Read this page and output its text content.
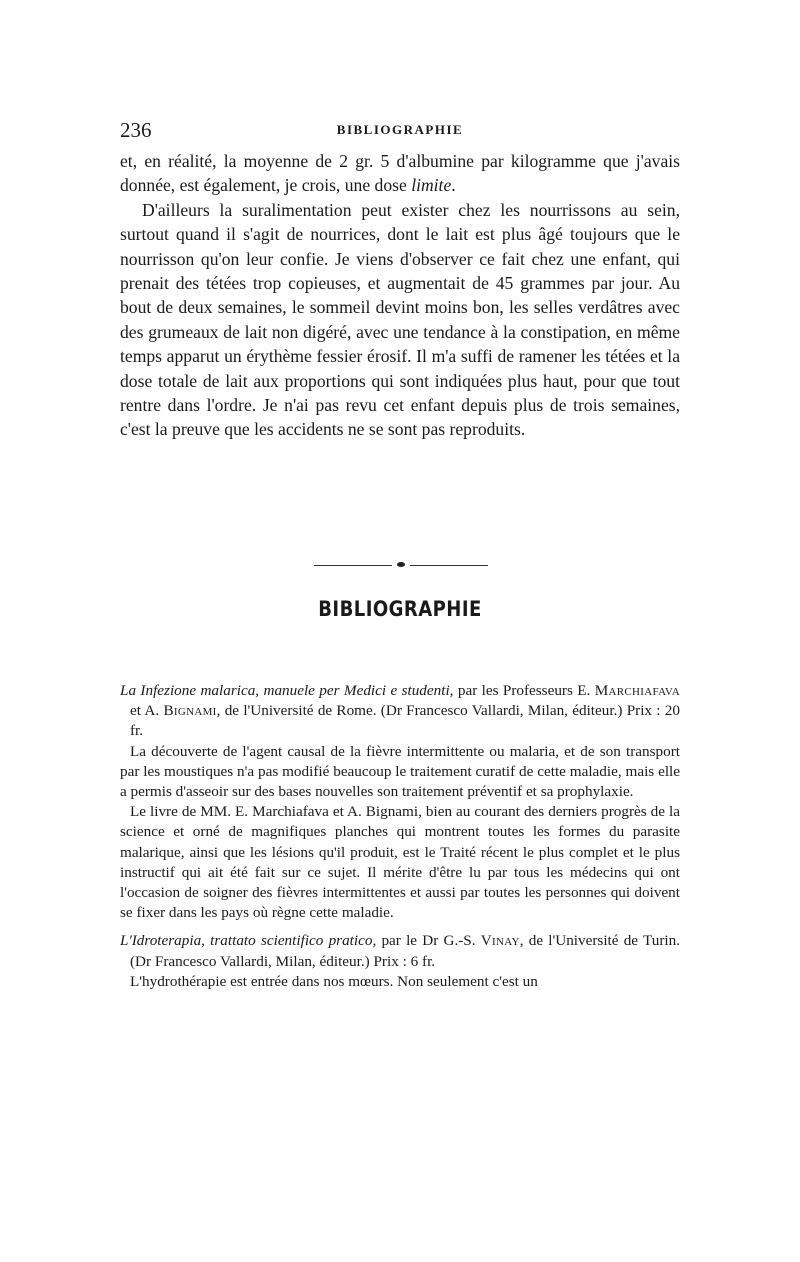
236	BIBLIOGRAPHIE

et, en réalité, la moyenne de 2 gr. 5 d'albumine par kilogramme que j'avais donnée, est également, je crois, une dose limite.

D'ailleurs la suralimentation peut exister chez les nourrissons au sein, surtout quand il s'agit de nourrices, dont le lait est plus âgé toujours que le nourrisson qu'on leur confie. Je viens d'observer ce fait chez une enfant, qui prenait des tétées trop copieuses, et augmentait de 45 grammes par jour. Au bout de deux semaines, le sommeil devint moins bon, les selles verdâtres avec des grumeaux de lait non digéré, avec une tendance à la constipation, en même temps apparut un érythème fessier érosif. Il m'a suffi de ramener les tétées et la dose totale de lait aux proportions qui sont indiquées plus haut, pour que tout rentre dans l'ordre. Je n'ai pas revu cet enfant depuis plus de trois semaines, c'est la preuve que les accidents ne se sont pas reproduits.

BIBLIOGRAPHIE

La Infezione malarica, manuele per Medici e studenti, par les Professeurs E. Marchiafava et A. Bignami, de l'Université de Rome. (Dr Francesco Vallardi, Milan, éditeur.) Prix : 20 fr.

La découverte de l'agent causal de la fièvre intermittente ou malaria, et de son transport par les moustiques n'a pas modifié beaucoup le traitement curatif de cette maladie, mais elle a permis d'asseoir sur des bases nouvelles son traitement préventif et sa prophylaxie.

Le livre de MM. E. Marchiafava et A. Bignami, bien au courant des derniers progrès de la science et orné de magnifiques planches qui montrent toutes les formes du parasite malarique, ainsi que les lésions qu'il produit, est le Traité récent le plus complet et le plus instructif qui ait été fait sur ce sujet. Il mérite d'être lu par tous les médecins qui ont l'occasion de soigner des fièvres intermittentes et aussi par toutes les personnes qui doivent se fixer dans les pays où règne cette maladie.

L'Idroterapia, trattato scientifico pratico, par le Dr G.-S. Vinay, de l'Université de Turin. (Dr Francesco Vallardi, Milan, éditeur.) Prix : 6 fr.

L'hydrothérapie est entrée dans nos mœurs. Non seulement c'est un
